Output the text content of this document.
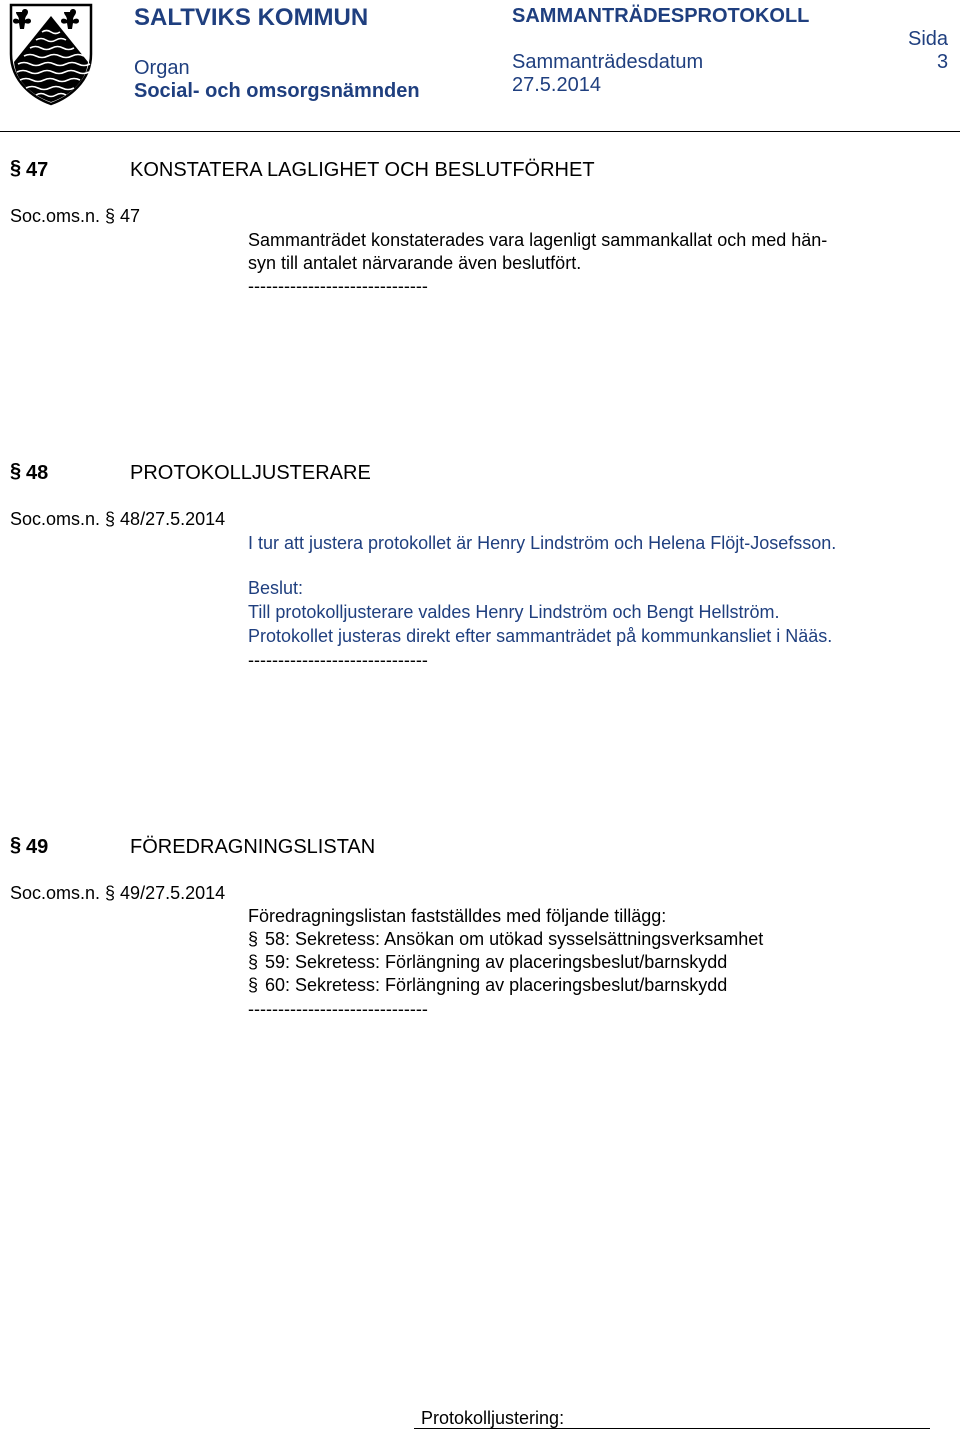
SALTVIKS KOMMUN	SAMMANTRÄDESPROTOKOLL
Sida
Organ	Sammanträdesdatum	3
Social- och omsorgsnämnden	27.5.2014
§ 47	KONSTATERA LAGLIGHET OCH BESLUTFÖRHET
Soc.oms.n. § 47
Sammanträdet konstaterades vara lagenligt sammankallat och med hän-
syn till antalet närvarande även beslutfört.
------------------------------
§ 48	PROTOKOLLJUSTERARE
Soc.oms.n. § 48/27.5.2014
I tur att justera protokollet är Henry Lindström och Helena Flöjt-Josefsson.
Beslut:
Till protokolljusterare valdes Henry Lindström och Bengt Hellström.
Protokollet justeras direkt efter sammanträdet på kommunkansliet i Nääs.
------------------------------
§ 49	FÖREDRAGNINGSLISTAN
Soc.oms.n. § 49/27.5.2014
Föredragningslistan fastställdes med följande tillägg:
§ 58: Sekretess: Ansökan om utökad sysselsättningsverksamhet
§ 59: Sekretess: Förlängning av placeringsbeslut/barnskydd
§ 60: Sekretess: Förlängning av placeringsbeslut/barnskydd
------------------------------
Protokolljustering:
